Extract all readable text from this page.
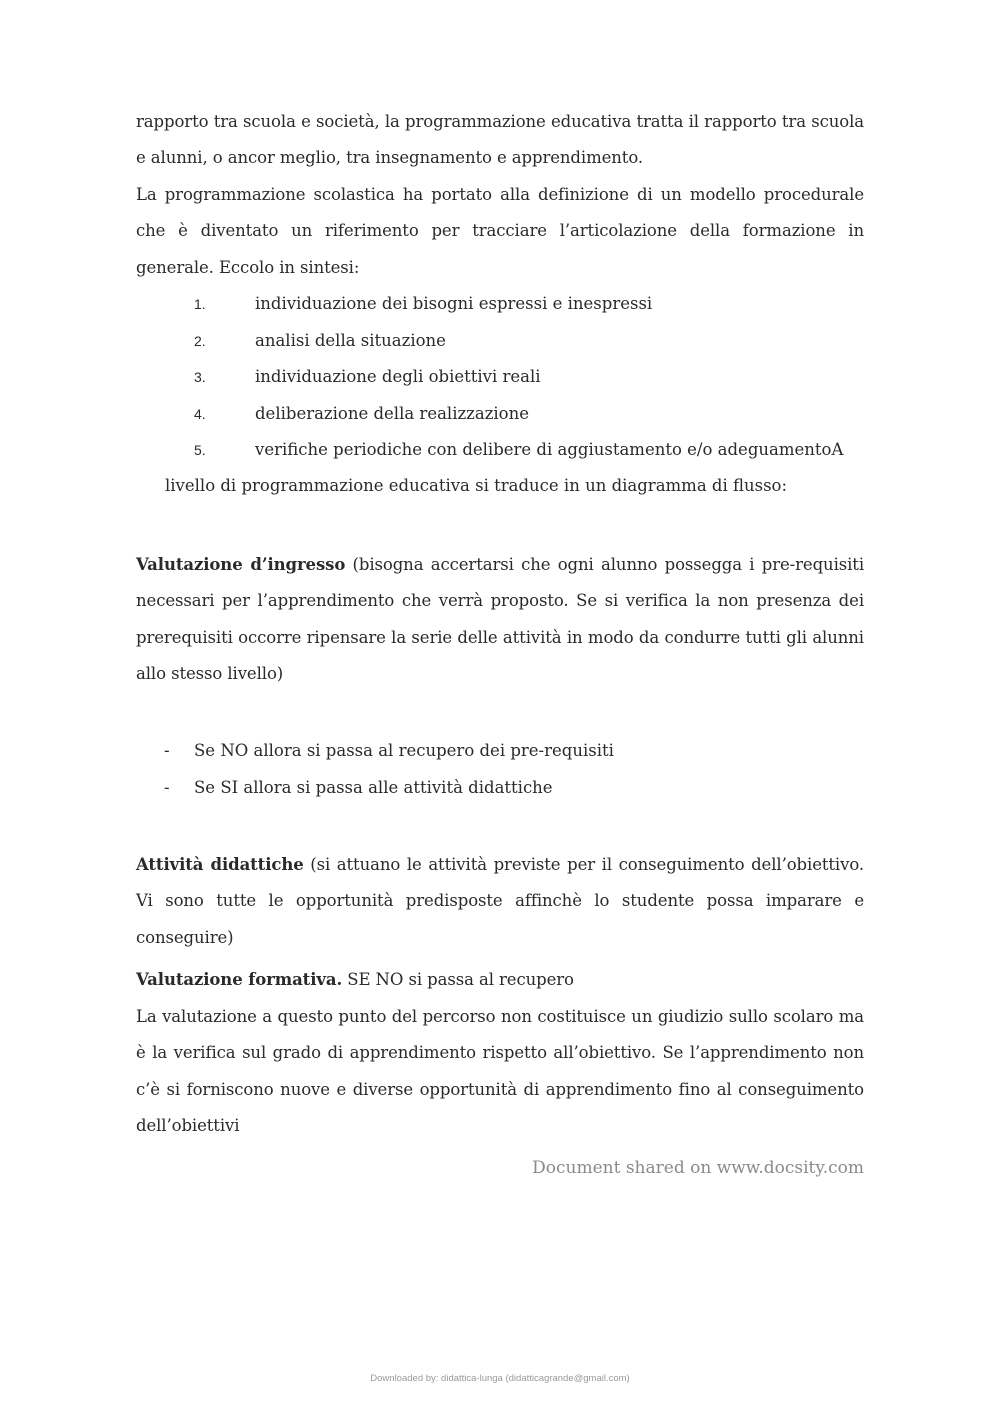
rapporto tra scuola e società, la programmazione educativa tratta il rapporto tra scuola e alunni, o ancor meglio, tra insegnamento e apprendimento.

La programmazione scolastica ha portato alla definizione di un modello procedurale che è diventato un riferimento per tracciare l’articolazione della formazione in generale. Eccolo in sintesi:

1.	individuazione dei bisogni espressi e inespressi
2.	analisi della situazione
3.	individuazione degli obiettivi reali
4.	deliberazione della realizzazione
5.	verifiche periodiche con delibere di aggiustamento e/o adeguamentoA

livello di programmazione educativa si traduce in un diagramma di flusso:

Valutazione d’ingresso (bisogna accertarsi che ogni alunno possegga i pre-requisiti necessari per l’apprendimento che verrà proposto. Se si verifica la non presenza dei prerequisiti occorre ripensare la serie delle attività in modo da condurre tutti gli alunni allo stesso livello)

- Se NO allora si passa al recupero dei pre-requisiti
- Se SI allora si passa alle attività didattiche

Attività didattiche (si attuano le attività previste per il conseguimento dell’obiettivo. Vi sono tutte le opportunità predisposte affinchè lo studente possa imparare e conseguire)

Valutazione formativa. SE NO si passa al recupero

La valutazione a questo punto del percorso non costituisce un giudizio sullo scolaro ma è la verifica sul grado di apprendimento rispetto all’obiettivo. Se l’apprendimento non c’è si forniscono nuove e diverse opportunità di apprendimento fino al conseguimento dell’obiettivi

Document shared on www.docsity.com
Downloaded by: didattica-lunga (didatticagrande@gmail.com)
